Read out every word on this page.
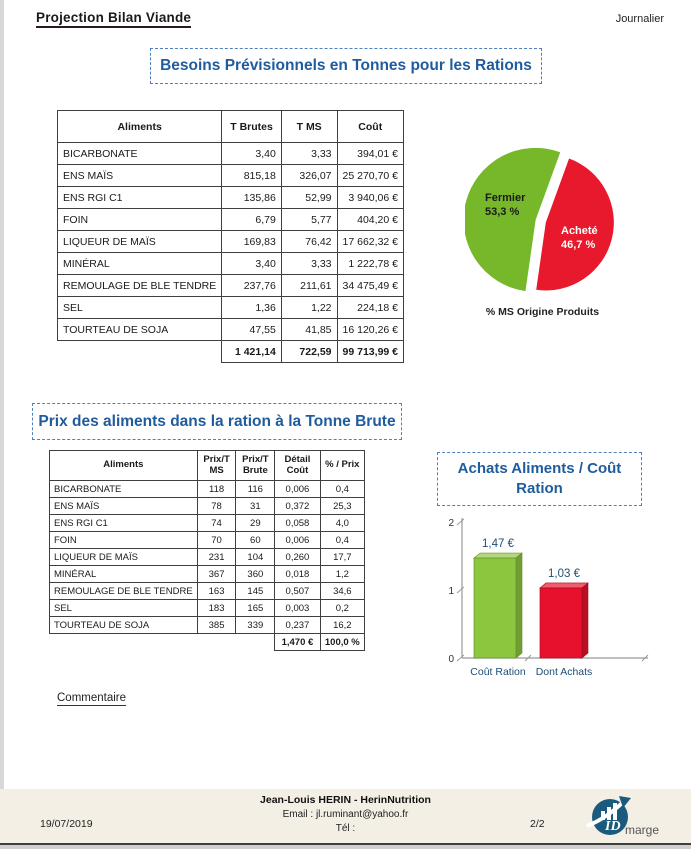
Projection Bilan Viande	Journalier
Besoins Prévisionnels en Tonnes pour les Rations
Aliments	T Brutes	T MS	Coût
BICARBONATE	3,40	3,33	394,01 €
ENS MAÏS	815,18	326,07	25 270,70 €
ENS RGI C1	135,86	52,99	3 940,06 €
FOIN	6,79	5,77	404,20 €
LIQUEUR DE MAÏS	169,83	76,42	17 662,32 €
MINÉRAL	3,40	3,33	1 222,78 €
REMOULAGE DE BLE TENDRE	237,76	211,61	34 475,49 €
SEL	1,36	1,22	224,18 €
TOURTEAU DE SOJA	47,55	41,85	16 120,26 €
	1 421,14	722,59	99 713,99 €
Fermier
53,3 %
Acheté
46,7 %
% MS Origine Produits
Prix des aliments dans la ration à la Tonne Brute
Aliments	Prix/T MS	Prix/T Brute	Détail Coût	% / Prix
BICARBONATE	118	116	0,006	0,4
ENS MAÏS	78	31	0,372	25,3
ENS RGI C1	74	29	0,058	4,0
FOIN	70	60	0,006	0,4
LIQUEUR DE MAÏS	231	104	0,260	17,7
MINÉRAL	367	360	0,018	1,2
REMOULAGE DE BLE TENDRE	163	145	0,507	34,6
SEL	183	165	0,003	0,2
TOURTEAU DE SOJA	385	339	0,237	16,2
			1,470 €	100,0 %
Achats Aliments / Coût Ration
0
1
2
1,47 €
Coût Ration
1,03 €
Dont Achats
Commentaire
19/07/2019
Jean-Louis HERIN - HerinNutrition
Email : jl.ruminant@yahoo.fr
Tél :	2/2	ID marge
